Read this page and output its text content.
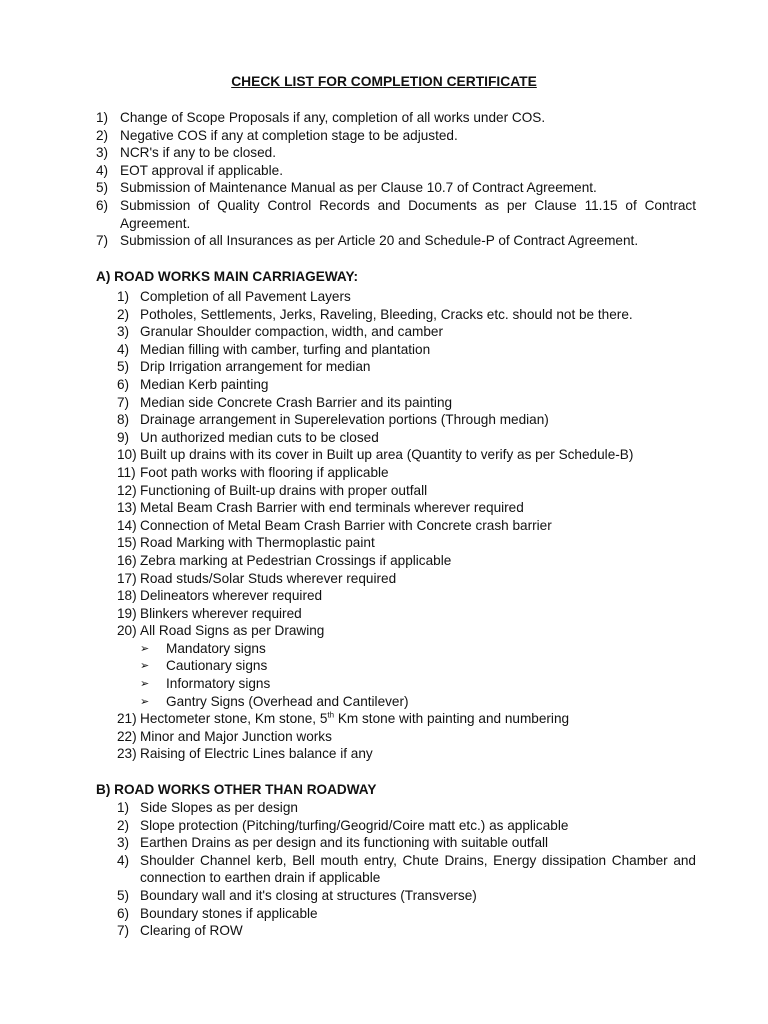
CHECK LIST FOR COMPLETION CERTIFICATE
1) Change of Scope Proposals if any, completion of all works under COS.
2) Negative COS if any at completion stage to be adjusted.
3) NCR's if any to be closed.
4) EOT approval if applicable.
5) Submission of Maintenance Manual as per Clause 10.7 of Contract Agreement.
6) Submission of Quality Control Records and Documents as per Clause 11.15 of Contract Agreement.
7) Submission of all Insurances as per Article 20 and Schedule-P of Contract Agreement.
A) ROAD WORKS MAIN CARRIAGEWAY:
1) Completion of all Pavement Layers
2) Potholes, Settlements, Jerks, Raveling, Bleeding, Cracks etc. should not be there.
3) Granular Shoulder compaction, width, and camber
4) Median filling with camber, turfing and plantation
5) Drip Irrigation arrangement for median
6) Median Kerb painting
7) Median side Concrete Crash Barrier and its painting
8) Drainage arrangement in Superelevation portions (Through median)
9) Un authorized median cuts to be closed
10) Built up drains with its cover in Built up area (Quantity to verify as per Schedule-B)
11) Foot path works with flooring if applicable
12) Functioning of Built-up drains with proper outfall
13) Metal Beam Crash Barrier with end terminals wherever required
14) Connection of Metal Beam Crash Barrier with Concrete crash barrier
15) Road Marking with Thermoplastic paint
16) Zebra marking at Pedestrian Crossings if applicable
17) Road studs/Solar Studs wherever required
18) Delineators wherever required
19) Blinkers wherever required
20) All Road Signs as per Drawing
➢ Mandatory signs
➢ Cautionary signs
➢ Informatory signs
➢ Gantry Signs (Overhead and Cantilever)
21) Hectometer stone, Km stone, 5th Km stone with painting and numbering
22) Minor and Major Junction works
23) Raising of Electric Lines balance if any
B) ROAD WORKS OTHER THAN ROADWAY
1) Side Slopes as per design
2) Slope protection (Pitching/turfing/Geogrid/Coire matt etc.) as applicable
3) Earthen Drains as per design and its functioning with suitable outfall
4) Shoulder Channel kerb, Bell mouth entry, Chute Drains, Energy dissipation Chamber and connection to earthen drain if applicable
5) Boundary wall and it's closing at structures (Transverse)
6) Boundary stones if applicable
7) Clearing of ROW
